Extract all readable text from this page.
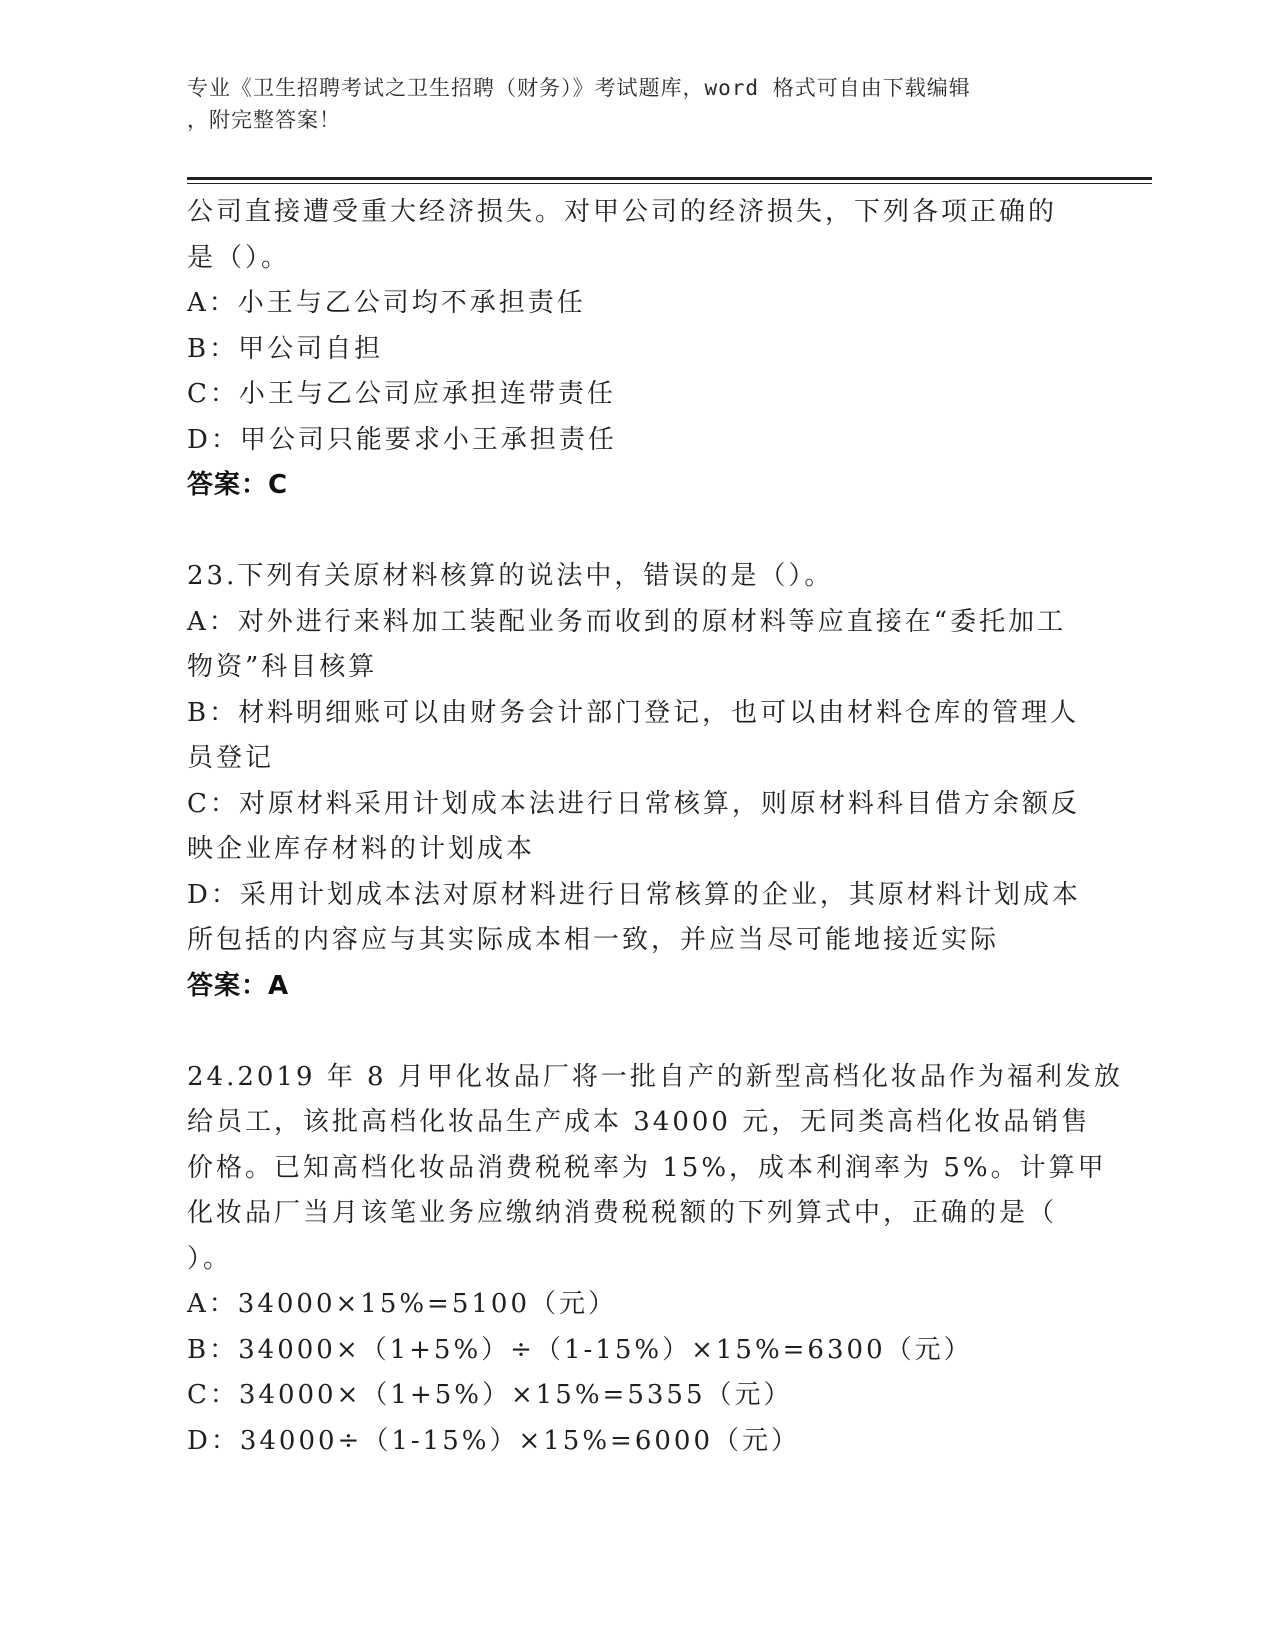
专业《卫生招聘考试之卫生招聘（财务）》考试题库，word 格式可自由下载编辑
，附完整答案！
公司直接遭受重大经济损失。对甲公司的经济损失，下列各项正确的
是（）。
A：小王与乙公司均不承担责任
B：甲公司自担
C：小王与乙公司应承担连带责任
D：甲公司只能要求小王承担责任
答案：C
23.下列有关原材料核算的说法中，错误的是（）。
A：对外进行来料加工装配业务而收到的原材料等应直接在“委托加工
物资”科目核算
B：材料明细账可以由财务会计部门登记，也可以由材料仓库的管理人
员登记
C：对原材料采用计划成本法进行日常核算，则原材料科目借方余额反
映企业库存材料的计划成本
D：采用计划成本法对原材料进行日常核算的企业，其原材料计划成本
所包括的内容应与其实际成本相一致，并应当尽可能地接近实际
答案：A
24.2019 年 8 月甲化妆品厂将一批自产的新型高档化妆品作为福利发放
给员工，该批高档化妆品生产成本 34000 元，无同类高档化妆品销售
价格。已知高档化妆品消费税税率为 15%，成本利润率为 5%。计算甲
化妆品厂当月该笔业务应缴纳消费税税额的下列算式中，正确的是（
）。
A：34000×15%=5100（元）
B：34000×（1+5%）÷（1-15%）×15%=6300（元）
C：34000×（1+5%）×15%=5355（元）
D：34000÷（1-15%）×15%=6000（元）
